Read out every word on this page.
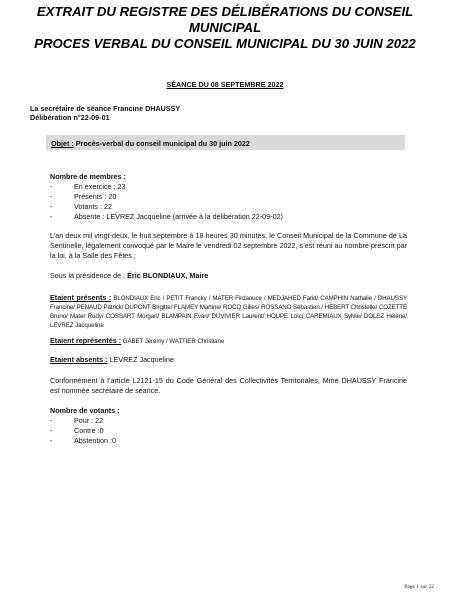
EXTRAIT DU REGISTRE DES DÉLIBÉRATIONS DU CONSEIL
MUNICIPAL
PROCES VERBAL DU CONSEIL MUNICIPAL DU 30 JUIN 2022
SÉANCE DU 08 SEPTEMBRE 2022
La secrétaire de séance Francine DHAUSSY
Délibération n°22-09-01
Objet : Procès-verbal du conseil municipal du 30 juin 2022
Nombre de membres :
-	En exercice : 23
-	Présents : 20
-	Votants : 22
-	Absente : LEVREZ Jacqueline (arrivée à la délibération 22-09-02)
L’an deux mil vingt-deux, le huit septembre à 18 heures 30 minutes, le Conseil Municipal de la Commune de La Sentinelle, légalement convoqué par le Maire le vendredi 02 septembre 2022, s’est réuni au nombre prescrit par la loi, à la Salle des Fêtes ;
Sous la présidence de : Éric BLONDIAUX, Maire
Etaient présents : BLONDIAUX Eric / PETIT Francky / MATER Firdaouce / MEDJAHED Farid/ CAMPHIN Nathalie / DHAUSSY Francine/ PENAUD Patrick/ DUPONT Brigitte/ FLAMEY Martine/ ROCQ Gilles/ ROSSANO Sébastien / HEBERT Christelle/ COZETTE Bruno/ Mater Rudy/ COSSART Morgan/ BLAMPAIN Evan/ DUVIVIER Laurent/ HOUPE Loïc/ CAREMIAUX Sylvie/ DOLEZ Hélène/ LEVREZ Jacqueline
Etaient représentés : GABET Jérémy / WATTIER Christiane
Etaient absents : LEVREZ Jacqueline
Conformément à l’article L2121-15 du Code Général des Collectivités Territoriales, Mme DHAUSSY Francine est nommée secrétaire de séance.
Nombre de votants :
-	Pour : 22
-	Contre :0
-	Abstention :0
Page 1 sur 22
